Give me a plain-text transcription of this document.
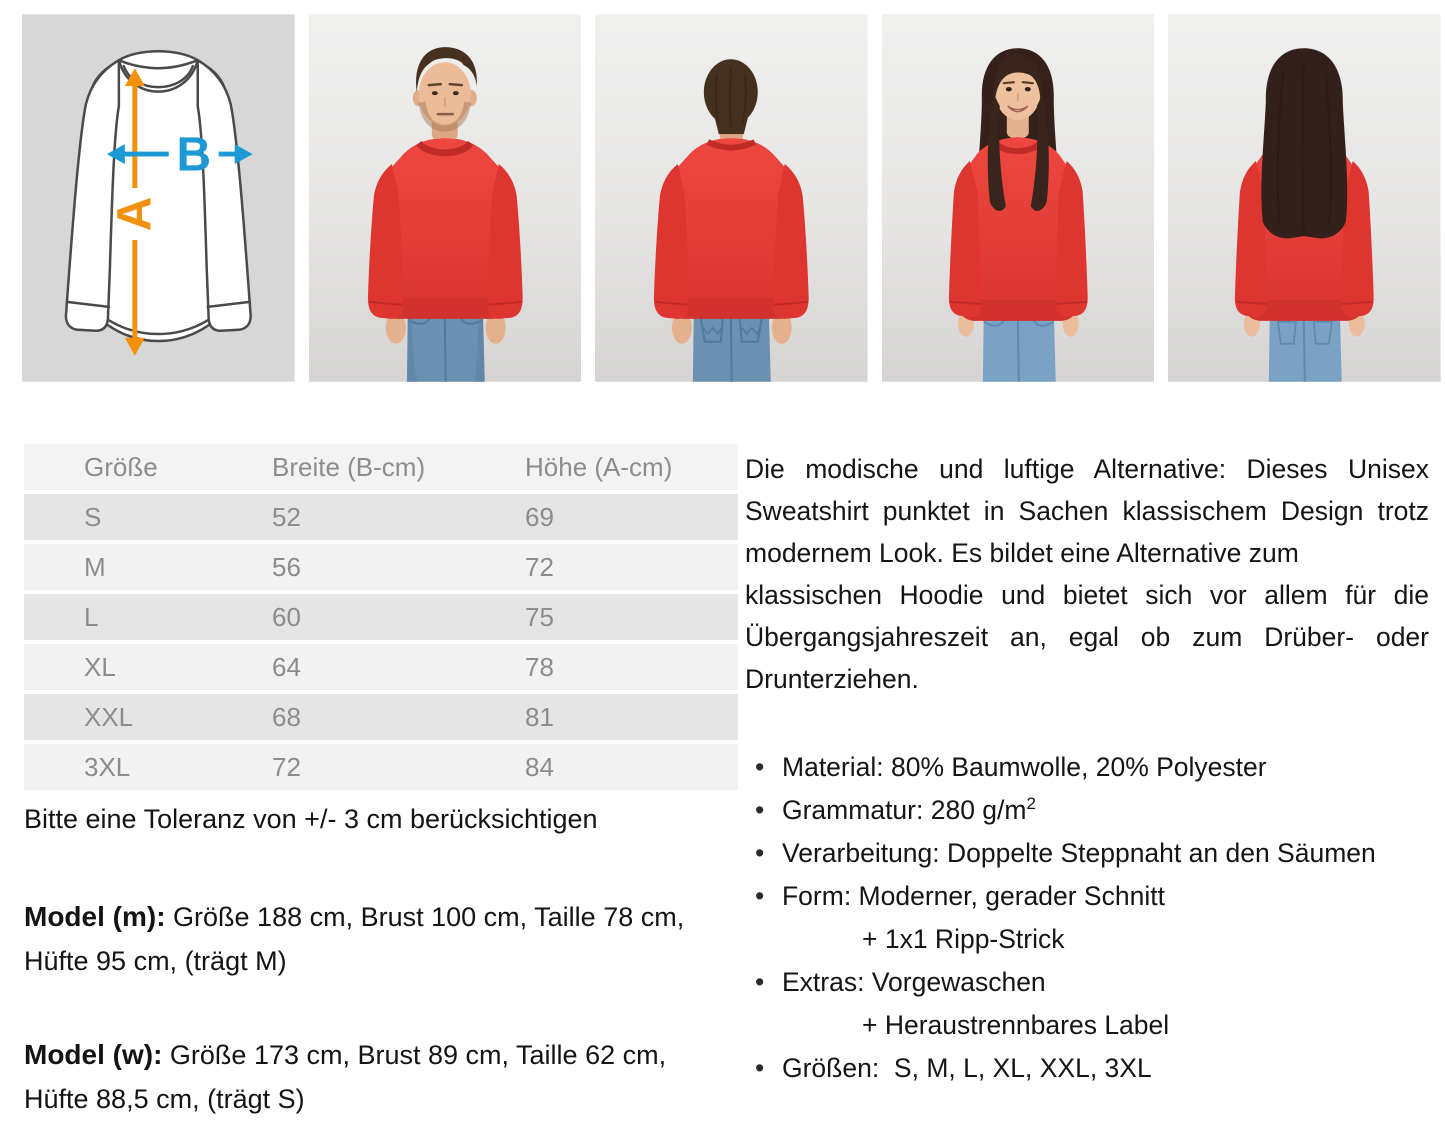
A
B
Größe	Breite (B-cm)	Höhe (A-cm)
S	52	69
M	56	72
L	60	75
XL	64	78
XXL	68	81
3XL	72	84
Bitte eine Toleranz von +/- 3 cm berücksichtigen

Model (m): Größe 188 cm, Brust 100 cm, Taille 78 cm, Hüfte 95 cm, (trägt M)

Model (w): Größe 173 cm, Brust 89 cm, Taille 62 cm, Hüfte 88,5 cm, (trägt S)

Die modische und luftige Alternative: Dieses Unisex Sweatshirt punktet in Sachen klassischem Design trotz modernem Look. Es bildet eine Alternative zum
klassischen Hoodie und bietet sich vor allem für die Übergangsjahreszeit an, egal ob zum Drüber- oder Drunterziehen.
• Material: 80% Baumwolle, 20% Polyester
• Grammatur: 280 $g/m^2$
• Verarbeitung: Doppelte Steppnaht an den Säumen
• Form: Moderner, gerader Schnitt
+ 1x1 Ripp-Strick
• Extras: Vorgewaschen
+ Heraustrennbares Label
• Größen:  S, M, L, XL, XXL, 3XL
